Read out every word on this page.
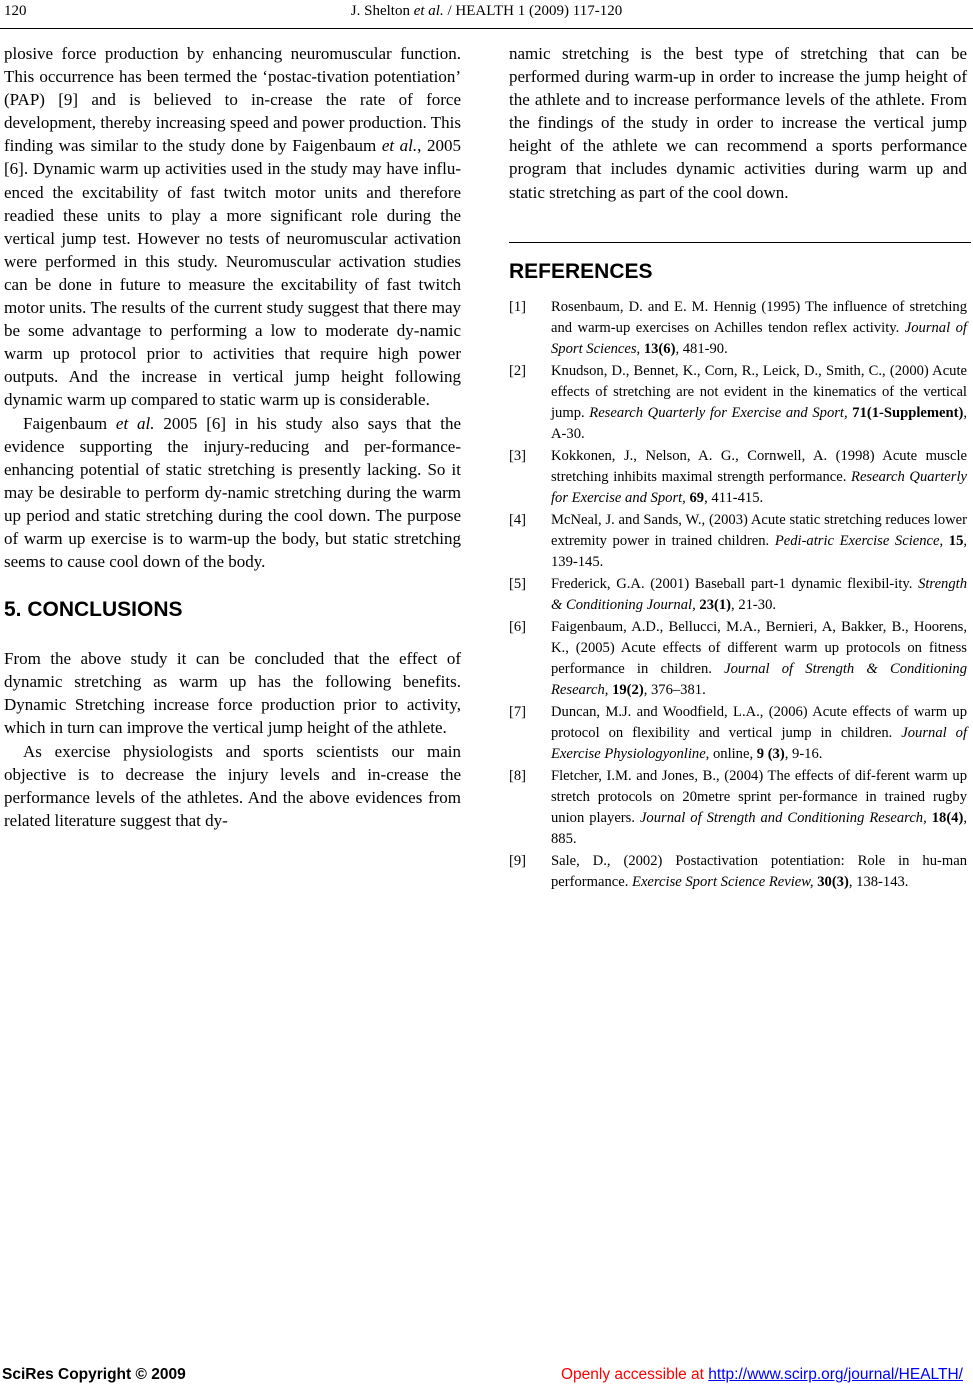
120	J. Shelton et al. / HEALTH 1 (2009) 117-120

plosive force production by enhancing neuromuscular function. This occurrence has been termed the ‘postac-tivation potentiation’ (PAP) [9] and is believed to in-crease the rate of force development, thereby increasing speed and power production. This finding was similar to the study done by Faigenbaum et al., 2005 [6]. Dynamic warm up activities used in the study may have influ-enced the excitability of fast twitch motor units and therefore readied these units to play a more significant role during the vertical jump test. However no tests of neuromuscular activation were performed in this study. Neuromuscular activation studies can be done in future to measure the excitability of fast twitch motor units. The results of the current study suggest that there may be some advantage to performing a low to moderate dy-namic warm up protocol prior to activities that require high power outputs. And the increase in vertical jump height following dynamic warm up compared to static warm up is considerable.

Faigenbaum et al. 2005 [6] in his study also says that the evidence supporting the injury-reducing and per-formance-enhancing potential of static stretching is presently lacking. So it may be desirable to perform dy-namic stretching during the warm up period and static stretching during the cool down. The purpose of warm up exercise is to warm-up the body, but static stretching seems to cause cool down of the body.

5. CONCLUSIONS

From the above study it can be concluded that the effect of dynamic stretching as warm up has the following benefits. Dynamic Stretching increase force production prior to activity, which in turn can improve the vertical jump height of the athlete.

As exercise physiologists and sports scientists our main objective is to decrease the injury levels and in-crease the performance levels of the athletes. And the above evidences from related literature suggest that dy-

namic stretching is the best type of stretching that can be performed during warm-up in order to increase the jump height of the athlete and to increase performance levels of the athlete. From the findings of the study in order to increase the vertical jump height of the athlete we can recommend a sports performance program that includes dynamic activities during warm up and static stretching as part of the cool down.

REFERENCES
[1] Rosenbaum, D. and E. M. Hennig (1995) The influence of stretching and warm-up exercises on Achilles tendon reflex activity. Journal of Sport Sciences, 13(6), 481-90.
[2] Knudson, D., Bennet, K., Corn, R., Leick, D., Smith, C., (2000) Acute effects of stretching are not evident in the kinematics of the vertical jump. Research Quarterly for Exercise and Sport, 71(1-Supplement), A-30.
[3] Kokkonen, J., Nelson, A. G., Cornwell, A. (1998) Acute muscle stretching inhibits maximal strength performance. Research Quarterly for Exercise and Sport, 69, 411-415.
[4] McNeal, J. and Sands, W., (2003) Acute static stretching reduces lower extremity power in trained children. Pedi-atric Exercise Science, 15, 139-145.
[5] Frederick, G.A. (2001) Baseball part-1 dynamic flexibil-ity. Strength & Conditioning Journal, 23(1), 21-30.
[6] Faigenbaum, A.D., Bellucci, M.A., Bernieri, A, Bakker, B., Hoorens, K., (2005) Acute effects of different warm up protocols on fitness performance in children. Journal of Strength & Conditioning Research, 19(2), 376–381.
[7] Duncan, M.J. and Woodfield, L.A., (2006) Acute effects of warm up protocol on flexibility and vertical jump in children. Journal of Exercise Physiologyonline, online, 9 (3), 9-16.
[8] Fletcher, I.M. and Jones, B., (2004) The effects of dif-ferent warm up stretch protocols on 20metre sprint per-formance in trained rugby union players. Journal of Strength and Conditioning Research, 18(4), 885.
[9] Sale, D., (2002) Postactivation potentiation: Role in hu-man performance. Exercise Sport Science Review, 30(3), 138-143.
SciRes Copyright © 2009	Openly accessible at http://www.scirp.org/journal/HEALTH/
